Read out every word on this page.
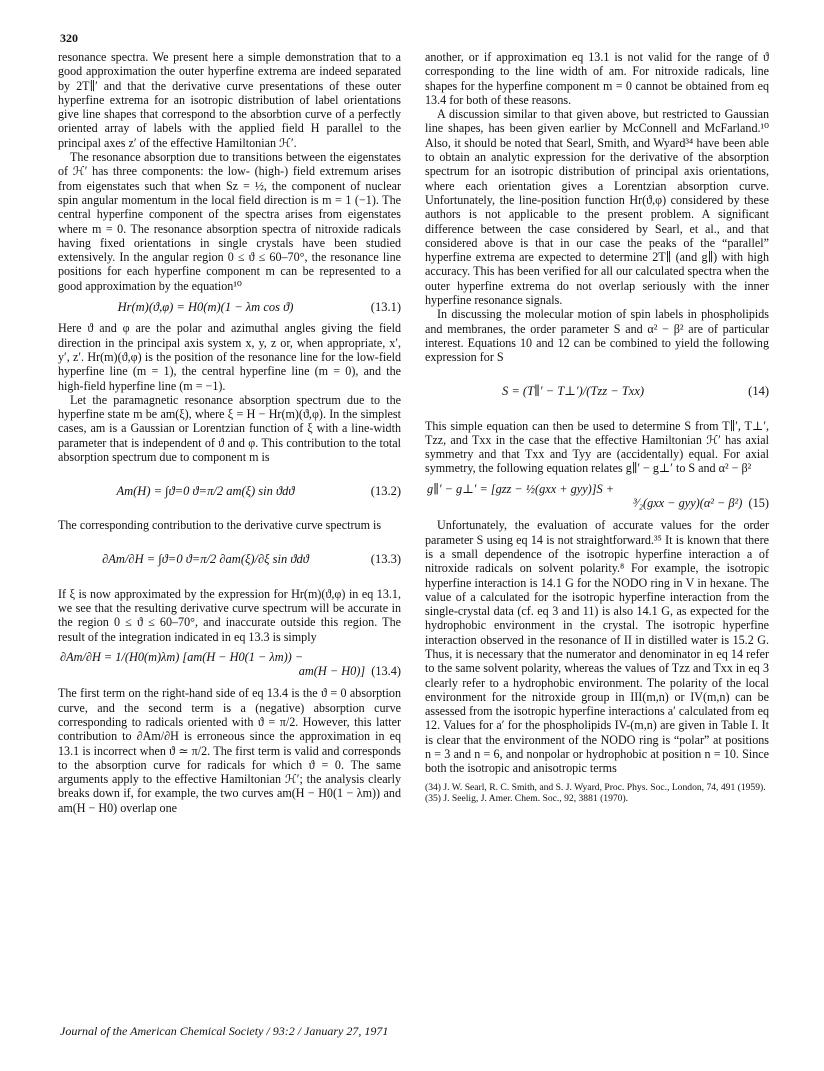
320

resonance spectra. We present here a simple demonstration that to a good approximation the outer hyperfine extrema are indeed separated by 2T∥′ and that the derivative curve presentations of these outer hyperfine extrema for an isotropic distribution of label orientations give line shapes that correspond to the absorbtion curve of a perfectly oriented array of labels with the applied field H parallel to the principal axes z′ of the effective Hamiltonian ℋ′.

The resonance absorption due to transitions between the eigenstates of ℋ′ has three components: the low- (high-) field extremum arises from eigenstates such that when Sz = ½, the component of nuclear spin angular momentum in the local field direction is m = 1 (−1). The central hyperfine component of the spectra arises from eigenstates where m = 0. The resonance absorption spectra of nitroxide radicals having fixed orientations in single crystals have been studied extensively. In the angular region 0 ≤ ϑ ≤ 60–70°, the resonance line positions for each hyperfine component m can be represented to a good approximation by the equation¹⁰

Hr(m)(ϑ,φ) = H0(m)(1 − λm cos ϑ)	(13.1)

Here ϑ and φ are the polar and azimuthal angles giving the field direction in the principal axis system x, y, z or, when appropriate, x′, y′, z′. Hr(m)(ϑ,φ) is the position of the resonance line for the low-field hyperfine line (m = 1), the central hyperfine line (m = 0), and the high-field hyperfine line (m = −1).

Let the paramagnetic resonance absorption spectrum due to the hyperfine state m be am(ξ), where ξ = H − Hr(m)(ϑ,φ). In the simplest cases, am is a Gaussian or Lorentzian function of ξ with a line-width parameter that is independent of ϑ and φ. This contribution to the total absorption spectrum due to component m is

Am(H) = ∫ϑ=0 ϑ=π/2 am(ξ) sin ϑdϑ	(13.2)

The corresponding contribution to the derivative curve spectrum is

∂Am/∂H = ∫ϑ=0 ϑ=π/2 ∂am(ξ)/∂ξ sin ϑdϑ	(13.3)

If ξ is now approximated by the expression for Hr(m)(ϑ,φ) in eq 13.1, we see that the resulting derivative curve spectrum will be accurate in the region 0 ≤ ϑ ≤ 60–70°, and inaccurate outside this region. The result of the integration indicated in eq 13.3 is simply

∂Am/∂H = 1/(H0(m)λm) [am(H − H0(1 − λm)) −
am(H − H0)] (13.4)

The first term on the right-hand side of eq 13.4 is the ϑ = 0 absorption curve, and the second term is a (negative) absorption curve corresponding to radicals oriented with ϑ = π/2. However, this latter contribution to ∂Am/∂H is erroneous since the approximation in eq 13.1 is incorrect when ϑ ≃ π/2. The first term is valid and corresponds to the absorption curve for radicals for which ϑ = 0. The same arguments apply to the effective Hamiltonian ℋ′; the analysis clearly breaks down if, for example, the two curves am(H − H0(1 − λm)) and am(H − H0) overlap one

another, or if approximation eq 13.1 is not valid for the range of ϑ corresponding to the line width of am. For nitroxide radicals, line shapes for the hyperfine component m = 0 cannot be obtained from eq 13.4 for both of these reasons.

A discussion similar to that given above, but restricted to Gaussian line shapes, has been given earlier by McConnell and McFarland.¹⁰ Also, it should be noted that Searl, Smith, and Wyard³⁴ have been able to obtain an analytic expression for the derivative of the absorption spectrum for an isotropic distribution of principal axis orientations, where each orientation gives a Lorentzian absorption curve. Unfortunately, the line-position function Hr(ϑ,φ) considered by these authors is not applicable to the present problem. A significant difference between the case considered by Searl, et al., and that considered above is that in our case the peaks of the “parallel” hyperfine extrema are expected to determine 2T∥ (and g∥) with high accuracy. This has been verified for all our calculated spectra when the outer hyperfine extrema do not overlap seriously with the inner hyperfine resonance signals.

In discussing the molecular motion of spin labels in phospholipids and membranes, the order parameter S and α² − β² are of particular interest. Equations 10 and 12 can be combined to yield the following expression for S

S = (T∥′ − T⊥′)/(Tzz − Txx)	(14)

This simple equation can then be used to determine S from T∥′, T⊥′, Tzz, and Txx in the case that the effective Hamiltonian ℋ′ has axial symmetry and that Txx and Tyy are (accidentally) equal. For axial symmetry, the following equation relates g∥′ − g⊥′ to S and α² − β²

g∥′ − g⊥′ = [gzz − ½(gxx + gyy)]S +
³⁄₂(gxx − gyy)(α² − β²) (15)

Unfortunately, the evaluation of accurate values for the order parameter S using eq 14 is not straightforward.³⁵ It is known that there is a small dependence of the isotropic hyperfine interaction a of nitroxide radicals on solvent polarity.⁸ For example, the isotropic hyperfine interaction is 14.1 G for the NODO ring in V in hexane. The value of a calculated for the isotropic hyperfine interaction from the single-crystal data (cf. eq 3 and 11) is also 14.1 G, as expected for the hydrophobic environment in the crystal. The isotropic hyperfine interaction observed in the resonance of II in distilled water is 15.2 G. Thus, it is necessary that the numerator and denominator in eq 14 refer to the same solvent polarity, whereas the values of Tzz and Txx in eq 3 clearly refer to a hydrophobic environment. The polarity of the local environment for the nitroxide group in III(m,n) or IV(m,n) can be assessed from the isotropic hyperfine interactions a′ calculated from eq 12. Values for a′ for the phospholipids IV-(m,n) are given in Table I. It is clear that the environment of the NODO ring is “polar” at positions n = 3 and n = 6, and nonpolar or hydrophobic at position n = 10. Since both the isotropic and anisotropic terms

(34) J. W. Searl, R. C. Smith, and S. J. Wyard, Proc. Phys. Soc., London, 74, 491 (1959).
(35) J. Seelig, J. Amer. Chem. Soc., 92, 3881 (1970).
Journal of the American Chemical Society / 93:2 / January 27, 1971
